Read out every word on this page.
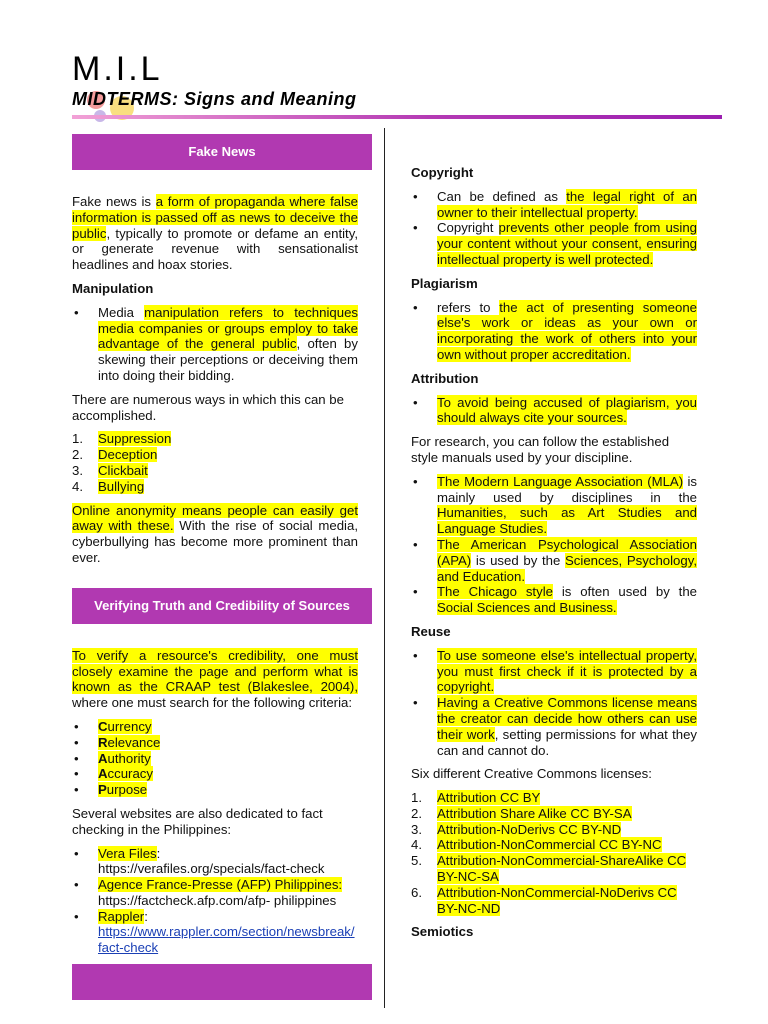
M.I.L
MIDTERMS: Signs and Meaning
Fake News

Fake news is a form of propaganda where false information is passed off as news to deceive the public, typically to promote or defame an entity, or generate revenue with sensationalist headlines and hoax stories.

Manipulation
• Media manipulation refers to techniques media companies or groups employ to take advantage of the general public, often by skewing their perceptions or deceiving them into doing their bidding.

There are numerous ways in which this can be accomplished.

1. Suppression
2. Deception
3. Clickbait
4. Bullying

Online anonymity means people can easily get away with these. With the rise of social media, cyberbullying has become more prominent than ever.

Verifying Truth and Credibility of Sources

To verify a resource's credibility, one must closely examine the page and perform what is known as the CRAAP test (Blakeslee, 2004), where one must search for the following criteria:

• Currency
• Relevance
• Authority
• Accuracy
• Purpose

Several websites are also dedicated to fact checking in the Philippines:

• Vera Files:
https://verafiles.org/specials/fact-check
• Agence France-Presse (AFP) Philippines:
https://factcheck.afp.com/afp- philippines
• Rappler:
https://www.rappler.com/section/newsbreak/fact-check
Copyright
• Can be defined as the legal right of an owner to their intellectual property.
• Copyright prevents other people from using your content without your consent, ensuring intellectual property is well protected.
Plagiarism
• refers to the act of presenting someone else's work or ideas as your own or incorporating the work of others into your own without proper accreditation.
Attribution
• To avoid being accused of plagiarism, you should always cite your sources.

For research, you can follow the established style manuals used by your discipline.

• The Modern Language Association (MLA) is mainly used by disciplines in the Humanities, such as Art Studies and Language Studies.
• The American Psychological Association (APA) is used by the Sciences, Psychology, and Education.
• The Chicago style is often used by the Social Sciences and Business.
Reuse
• To use someone else's intellectual property, you must first check if it is protected by a copyright.
• Having a Creative Commons license means the creator can decide how others can use their work, setting permissions for what they can and cannot do.

Six different Creative Commons licenses:

1. Attribution CC BY
2. Attribution Share Alike CC BY-SA
3. Attribution-NoDerivs CC BY-ND
4. Attribution-NonCommercial CC BY-NC
5. Attribution-NonCommercial-ShareAlike CC BY-NC-SA
6. Attribution-NonCommercial-NoDerivs CC BY-NC-ND
Semiotics
